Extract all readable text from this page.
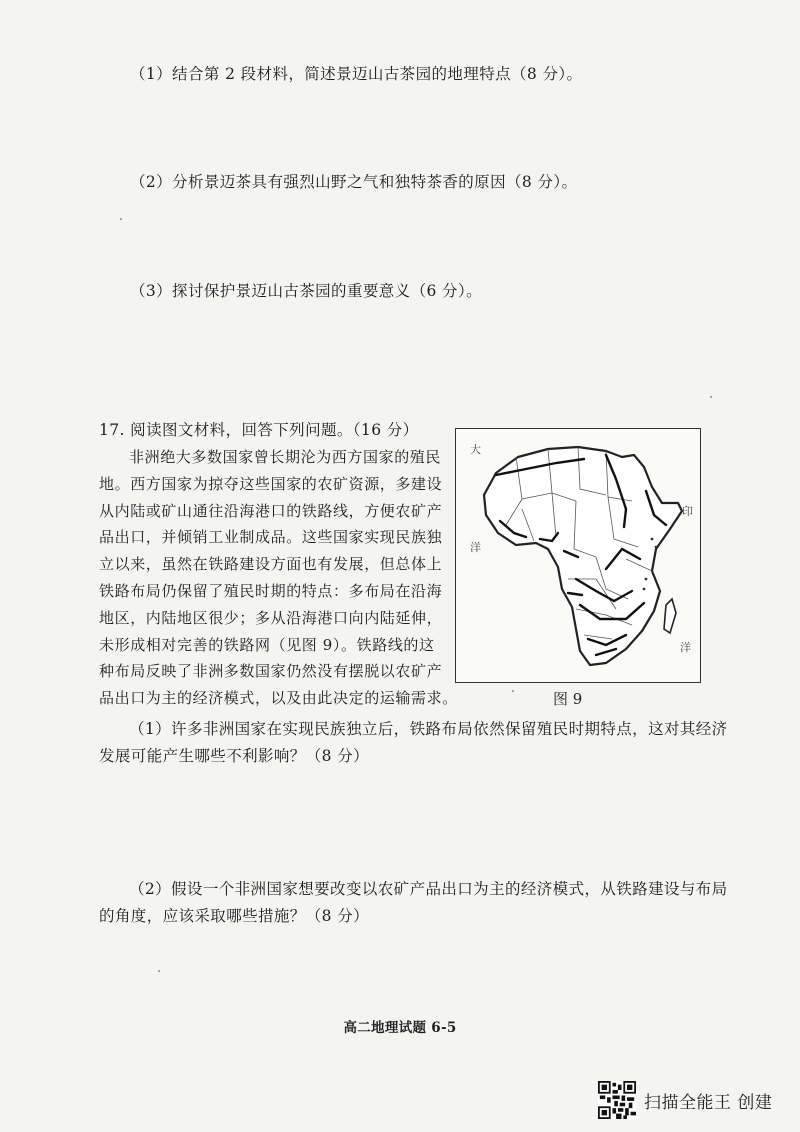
（1）结合第 2 段材料，简述景迈山古茶园的地理特点（8 分）。
（2）分析景迈茶具有强烈山野之气和独特茶香的原因（8 分）。
（3）探讨保护景迈山古茶园的重要意义（6 分）。
17. 阅读图文材料，回答下列问题。（16 分）
非洲绝大多数国家曾长期沦为西方国家的殖民
地。西方国家为掠夺这些国家的农矿资源，多建设
从内陆或矿山通往沿海港口的铁路线，方便农矿产
品出口，并倾销工业制成品。这些国家实现民族独
立以来，虽然在铁路建设方面也有发展，但总体上
铁路布局仍保留了殖民时期的特点：多布局在沿海
地区，内陆地区很少；多从沿海港口向内陆延伸，
未形成相对完善的铁路网（见图 9）。铁路线的这
种布局反映了非洲多数国家仍然没有摆脱以农矿产
品出口为主的经济模式，以及由此决定的运输需求。
大
印
洋
洋
图 9
（1）许多非洲国家在实现民族独立后，铁路布局依然保留殖民时期特点，这对其经济
发展可能产生哪些不利影响？（8 分）
（2）假设一个非洲国家想要改变以农矿产品出口为主的经济模式，从铁路建设与布局
的角度，应该采取哪些措施？（8 分）
高二地理试题 6-5
扫描全能王 创建
